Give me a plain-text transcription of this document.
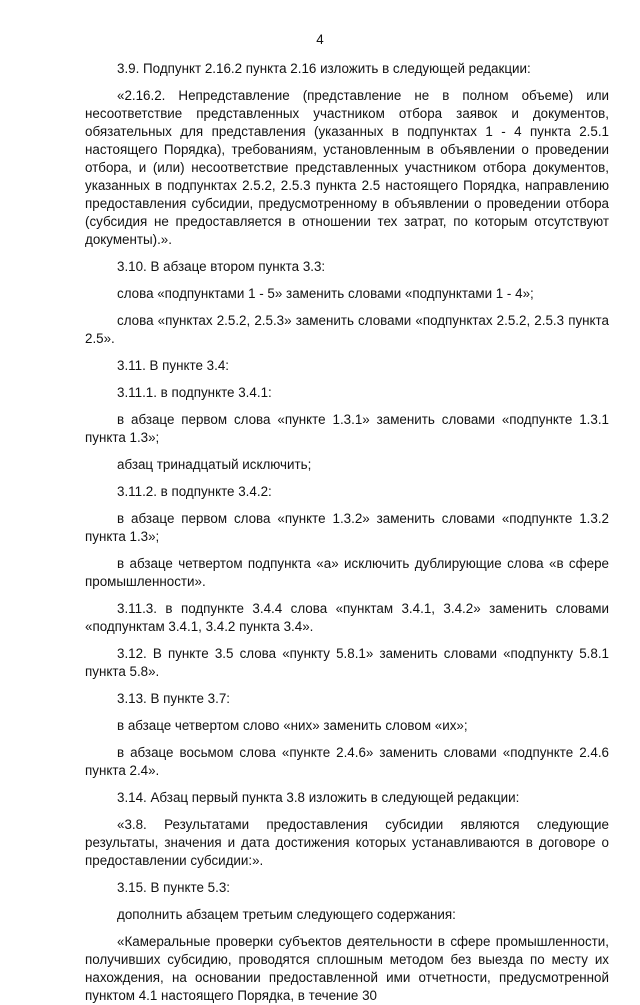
4

3.9. Подпункт 2.16.2 пункта 2.16 изложить в следующей редакции:

«2.16.2. Непредставление (представление не в полном объеме) или несоответствие представленных участником отбора заявок и документов, обязательных для представления (указанных в подпунктах 1 - 4 пункта 2.5.1 настоящего Порядка), требованиям, установленным в объявлении о проведении отбора, и (или) несоответствие представленных участником отбора документов, указанных в подпунктах 2.5.2, 2.5.3 пункта 2.5 настоящего Порядка, направлению предоставления субсидии, предусмотренному в объявлении о проведении отбора (субсидия не предоставляется в отношении тех затрат, по которым отсутствуют документы).».

3.10. В абзаце втором пункта 3.3:

слова «подпунктами 1 - 5» заменить словами «подпунктами 1 - 4»;

слова «пунктах 2.5.2, 2.5.3» заменить словами «подпунктах 2.5.2, 2.5.3 пункта 2.5».

3.11. В пункте 3.4:

3.11.1. в подпункте 3.4.1:

в абзаце первом слова «пункте 1.3.1» заменить словами «подпункте 1.3.1 пункта 1.3»;

абзац тринадцатый исключить;

3.11.2. в подпункте 3.4.2:

в абзаце первом слова «пункте 1.3.2» заменить словами «подпункте 1.3.2 пункта 1.3»;

в абзаце четвертом подпункта «а» исключить дублирующие слова «в сфере промышленности».

3.11.3. в подпункте 3.4.4 слова «пунктам 3.4.1, 3.4.2» заменить словами «подпунктам 3.4.1, 3.4.2 пункта 3.4».

3.12. В пункте 3.5 слова «пункту 5.8.1» заменить словами «подпункту 5.8.1 пункта 5.8».

3.13. В пункте 3.7:

в абзаце четвертом слово «них» заменить словом «их»;

в абзаце восьмом слова «пункте 2.4.6» заменить словами «подпункте 2.4.6 пункта 2.4».

3.14. Абзац первый пункта 3.8 изложить в следующей редакции:

«3.8. Результатами предоставления субсидии являются следующие результаты, значения и дата достижения которых устанавливаются в договоре о предоставлении субсидии:».

3.15. В пункте 5.3:

дополнить абзацем третьим следующего содержания:

«Камеральные проверки субъектов деятельности в сфере промышленности, получивших субсидию, проводятся сплошным методом без выезда по месту их нахождения, на основании предоставленной ими отчетности, предусмотренной пунктом 4.1 настоящего Порядка, в течение 30
